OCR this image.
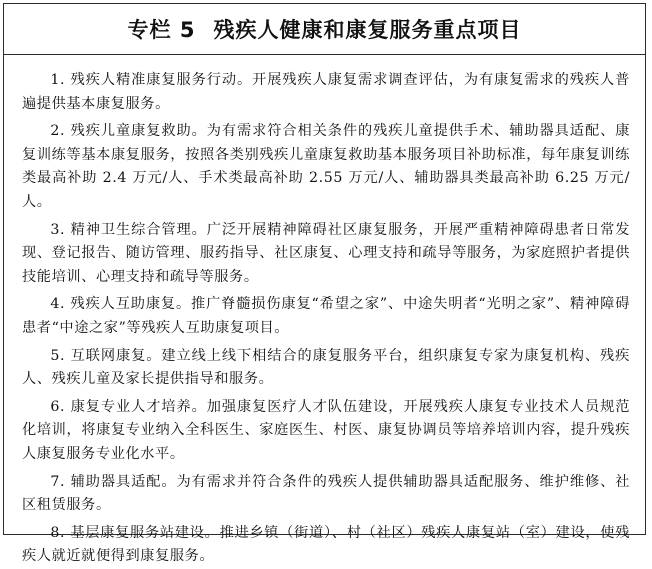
专栏 5 残疾人健康和康复服务重点项目

1. 残疾人精准康复服务行动。开展残疾人康复需求调查评估，为有康复需求的残疾人普遍提供基本康复服务。

2. 残疾儿童康复救助。为有需求符合相关条件的残疾儿童提供手术、辅助器具适配、康复训练等基本康复服务，按照各类别残疾儿童康复救助基本服务项目补助标准，每年康复训练类最高补助 2.4 万元/人、手术类最高补助 2.55 万元/人、辅助器具类最高补助 6.25 万元/人。

3. 精神卫生综合管理。广泛开展精神障碍社区康复服务，开展严重精神障碍患者日常发现、登记报告、随访管理、服药指导、社区康复、心理支持和疏导等服务，为家庭照护者提供技能培训、心理支持和疏导等服务。

4. 残疾人互助康复。推广脊髓损伤康复“希望之家”、中途失明者“光明之家”、精神障碍患者“中途之家”等残疾人互助康复项目。

5. 互联网康复。建立线上线下相结合的康复服务平台，组织康复专家为康复机构、残疾人、残疾儿童及家长提供指导和服务。

6. 康复专业人才培养。加强康复医疗人才队伍建设，开展残疾人康复专业技术人员规范化培训，将康复专业纳入全科医生、家庭医生、村医、康复协调员等培养培训内容，提升残疾人康复服务专业化水平。

7. 辅助器具适配。为有需求并符合条件的残疾人提供辅助器具适配服务、维护维修、社区租赁服务。

8. 基层康复服务站建设。推进乡镇（街道）、村（社区）残疾人康复站（室）建设，使残疾人就近就便得到康复服务。
